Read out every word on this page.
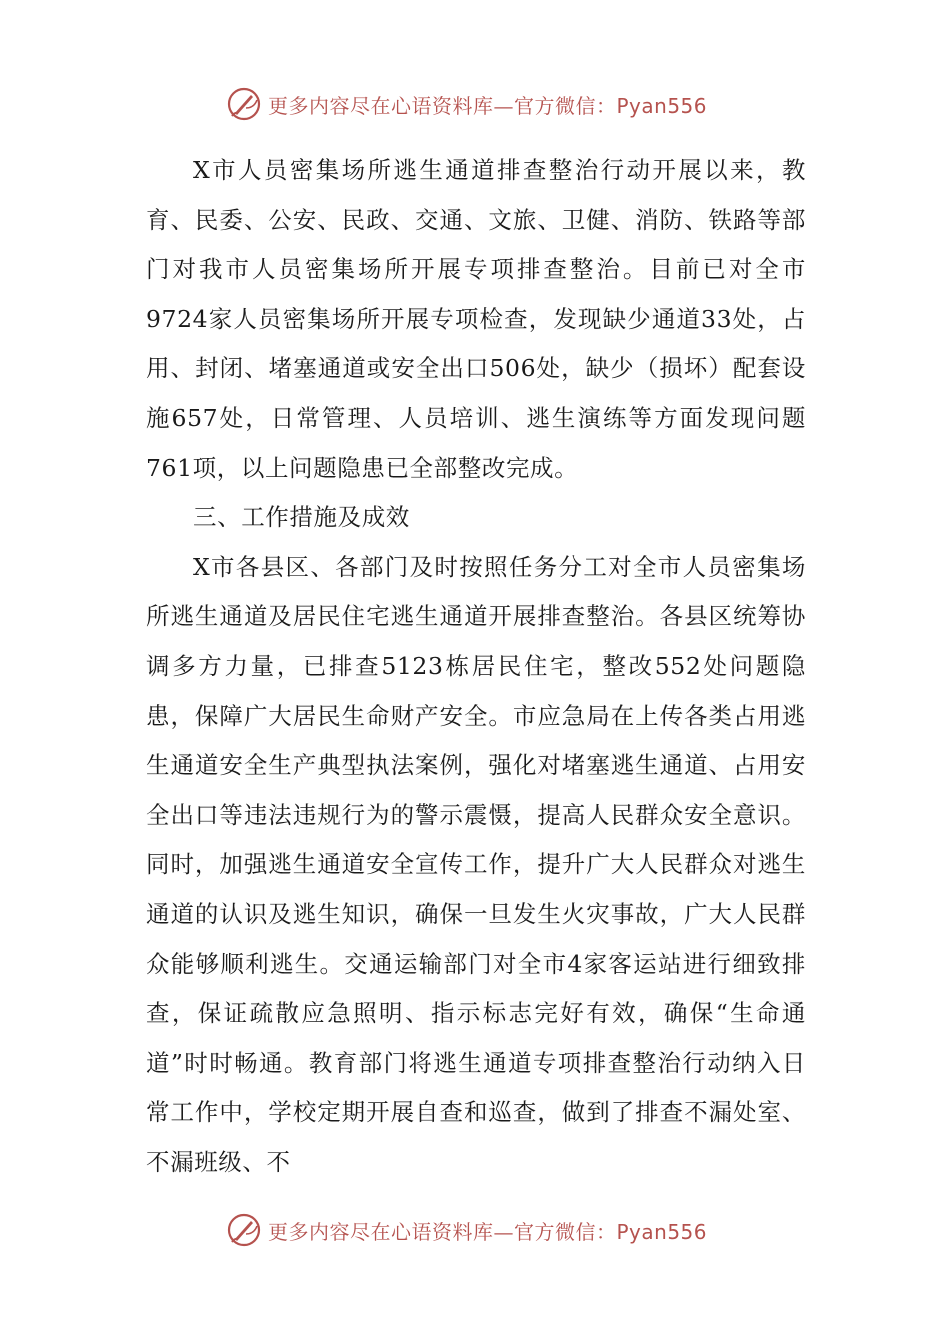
更多内容尽在心语资料库—官方微信：Pyan556

X市人员密集场所逃生通道排查整治行动开展以来，教育、民委、公安、民政、交通、文旅、卫健、消防、铁路等部门对我市人员密集场所开展专项排查整治。目前已对全市9724家人员密集场所开展专项检查，发现缺少通道33处，占用、封闭、堵塞通道或安全出口506处，缺少（损坏）配套设施657处，日常管理、人员培训、逃生演练等方面发现问题761项，以上问题隐患已全部整改完成。

三、工作措施及成效

X市各县区、各部门及时按照任务分工对全市人员密集场所逃生通道及居民住宅逃生通道开展排查整治。各县区统筹协调多方力量，已排查5123栋居民住宅，整改552处问题隐患，保障广大居民生命财产安全。市应急局在上传各类占用逃生通道安全生产典型执法案例，强化对堵塞逃生通道、占用安全出口等违法违规行为的警示震慑，提高人民群众安全意识。同时，加强逃生通道安全宣传工作，提升广大人民群众对逃生通道的认识及逃生知识，确保一旦发生火灾事故，广大人民群众能够顺利逃生。交通运输部门对全市4家客运站进行细致排查，保证疏散应急照明、指示标志完好有效，确保“生命通道”时时畅通。教育部门将逃生通道专项排查整治行动纳入日常工作中，学校定期开展自查和巡查，做到了排查不漏处室、不漏班级、不

更多内容尽在心语资料库—官方微信：Pyan556
